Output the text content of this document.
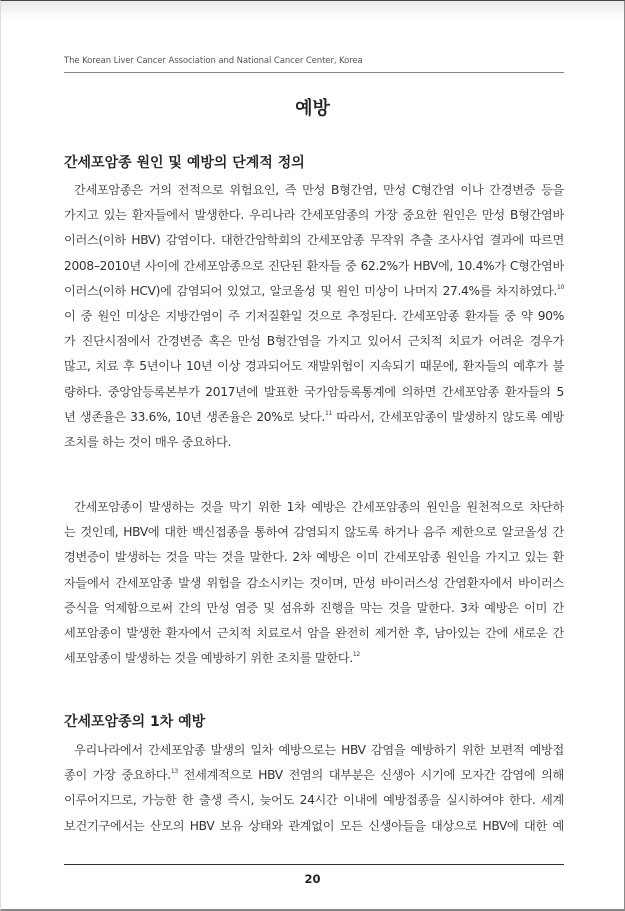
The Korean Liver Cancer Association and National Cancer Center, Korea
예방
간세포암종 원인 및 예방의 단계적 정의
간세포암종은 거의 전적으로 위험요인, 즉 만성 B형간염, 만성 C형간염 이나 간경변증 등을
가지고 있는 환자들에서 발생한다. 우리나라 간세포암종의 가장 중요한 원인은 만성 B형간염바
이러스(이하 HBV) 감염이다. 대한간암학회의 간세포암종 무작위 추출 조사사업 결과에 따르면
2008–2010년 사이에 간세포암종으로 진단된 환자들 중 62.2%가 HBV에, 10.4%가 C형간염바
이러스(이하 HCV)에 감염되어 있었고, 알코올성 및 원인 미상이 나머지 27.4%를 차지하였다.$^{10}$
이 중 원인 미상은 지방간염이 주 기저질환일 것으로 추정된다. 간세포암종 환자들 중 약 90%
가 진단시점에서 간경변증 혹은 만성 B형간염을 가지고 있어서 근치적 치료가 어려운 경우가
많고, 치료 후 5년이나 10년 이상 경과되어도 재발위험이 지속되기 때문에, 환자들의 예후가 불
량하다. 중앙암등록본부가 2017년에 발표한 국가암등록통계에 의하면 간세포암종 환자들의 5
년 생존율은 33.6%, 10년 생존율은 20%로 낮다.$^{11}$ 따라서, 간세포암종이 발생하지 않도록 예방
조치를 하는 것이 매우 중요하다.
간세포암종이 발생하는 것을 막기 위한 1차 예방은 간세포암종의 원인을 원천적으로 차단하
는 것인데, HBV에 대한 백신접종을 통하여 감염되지 않도록 하거나 음주 제한으로 알코올성 간
경변증이 발생하는 것을 막는 것을 말한다. 2차 예방은 이미 간세포암종 원인을 가지고 있는 환
자들에서 간세포암종 발생 위험을 감소시키는 것이며, 만성 바이러스성 간염환자에서 바이러스
증식을 억제함으로써 간의 만성 염증 및 섬유화 진행을 막는 것을 말한다. 3차 예방은 이미 간
세포암종이 발생한 환자에서 근치적 치료로서 암을 완전히 제거한 후, 남아있는 간에 새로운 간
세포암종이 발생하는 것을 예방하기 위한 조치를 말한다.$^{12}$
간세포암종의 1차 예방
우리나라에서 간세포암종 발생의 일차 예방으로는 HBV 감염을 예방하기 위한 보편적 예방접
종이 가장 중요하다.$^{13}$ 전세계적으로 HBV 전염의 대부분은 신생아 시기에 모자간 감염에 의해
이루어지므로, 가능한 한 출생 즉시, 늦어도 24시간 이내에 예방접종을 실시하여야 한다. 세계
보건기구에서는 산모의 HBV 보유 상태와 관계없이 모든 신생아들을 대상으로 HBV에 대한 예
20
